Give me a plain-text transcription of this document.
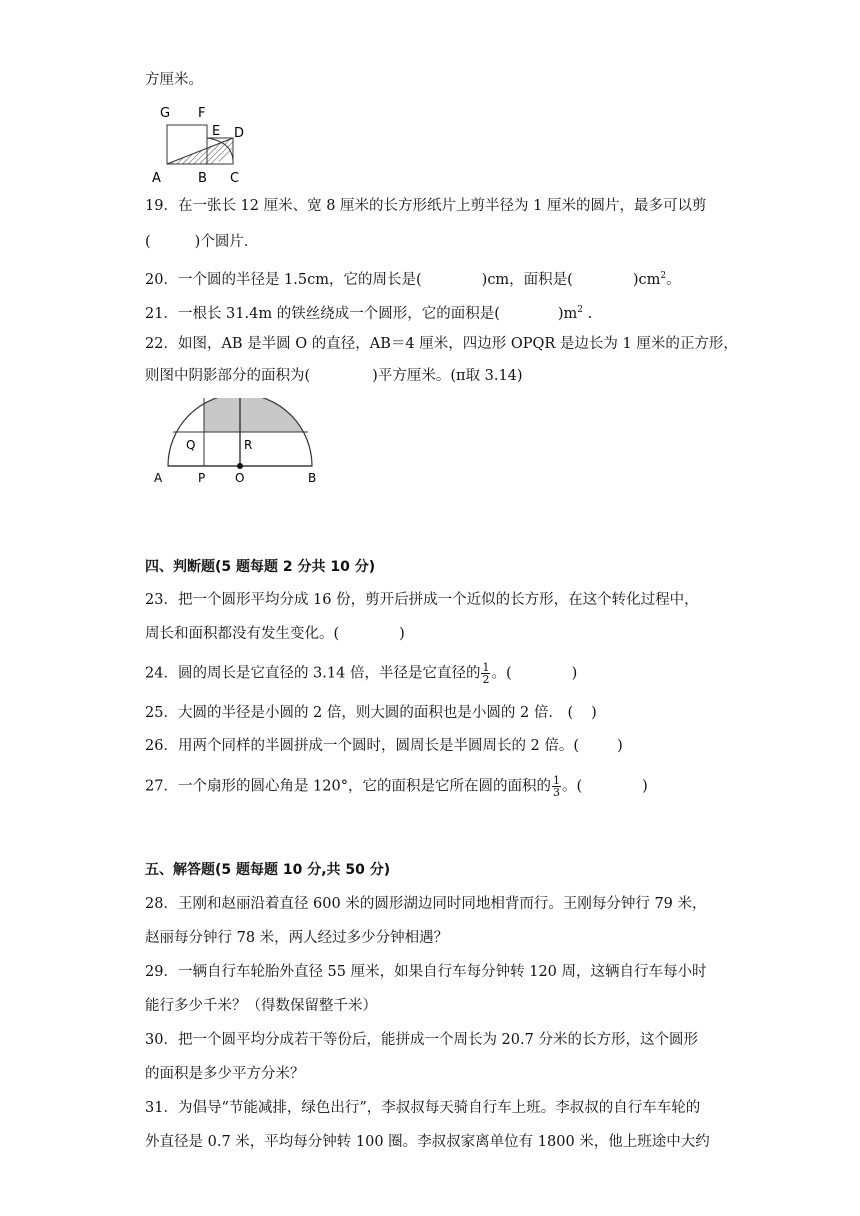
方厘米。
G F
E D
A	B C
19．在一张长 12 厘米、宽 8 厘米的长方形纸片上剪半径为 1 厘米的圆片，最多可以剪
(	)个圆片．
20．一个圆的半径是 1.5cm，它的周长是(	)cm，面积是(	)$cm^2$。
21．一根长 31.4m 的铁丝绕成一个圆形，它的面积是(	)$m^2$ .
22．如图，AB 是半圆 O 的直径，AB＝4 厘米，四边形 OPQR 是边长为 1 厘米的正方形，
则图中阴影部分的面积为(	)平方厘米。(π取 3.14)
Q	R
A	P O	B
四、判断题(5 题每题 2 分共 10 分)
23．把一个圆形平均分成 16 份，剪开后拼成一个近似的长方形，在这个转化过程中，
周长和面积都没有发生变化。(	)
24．圆的周长是它直径的 3.14 倍，半径是它直径的 $\frac{1}{2}$ 。(	)
25．大圆的半径是小圆的 2 倍，则大圆的面积也是小圆的 2 倍． ( )
26．用两个同样的半圆拼成一个圆时，圆周长是半圆周长的 2 倍。(	)
27．一个扇形的圆心角是 120°，它的面积是它所在圆的面积的 $\frac{1}{3}$ 。(	)
五、解答题(5 题每题 10 分,共 50 分)
28．王刚和赵丽沿着直径 600 米的圆形湖边同时同地相背而行。王刚每分钟行 79 米，
赵丽每分钟行 78 米，两人经过多少分钟相遇？
29．一辆自行车轮胎外直径 55 厘米，如果自行车每分钟转 120 周，这辆自行车每小时
能行多少千米？（得数保留整千米）
30．把一个圆平均分成若干等份后，能拼成一个周长为 20.7 分米的长方形，这个圆形
的面积是多少平方分米？
31．为倡导“节能减排，绿色出行”，李叔叔每天骑自行车上班。李叔叔的自行车车轮的
外直径是 0.7 米，平均每分钟转 100 圈。李叔叔家离单位有 1800 米，他上班途中大约
